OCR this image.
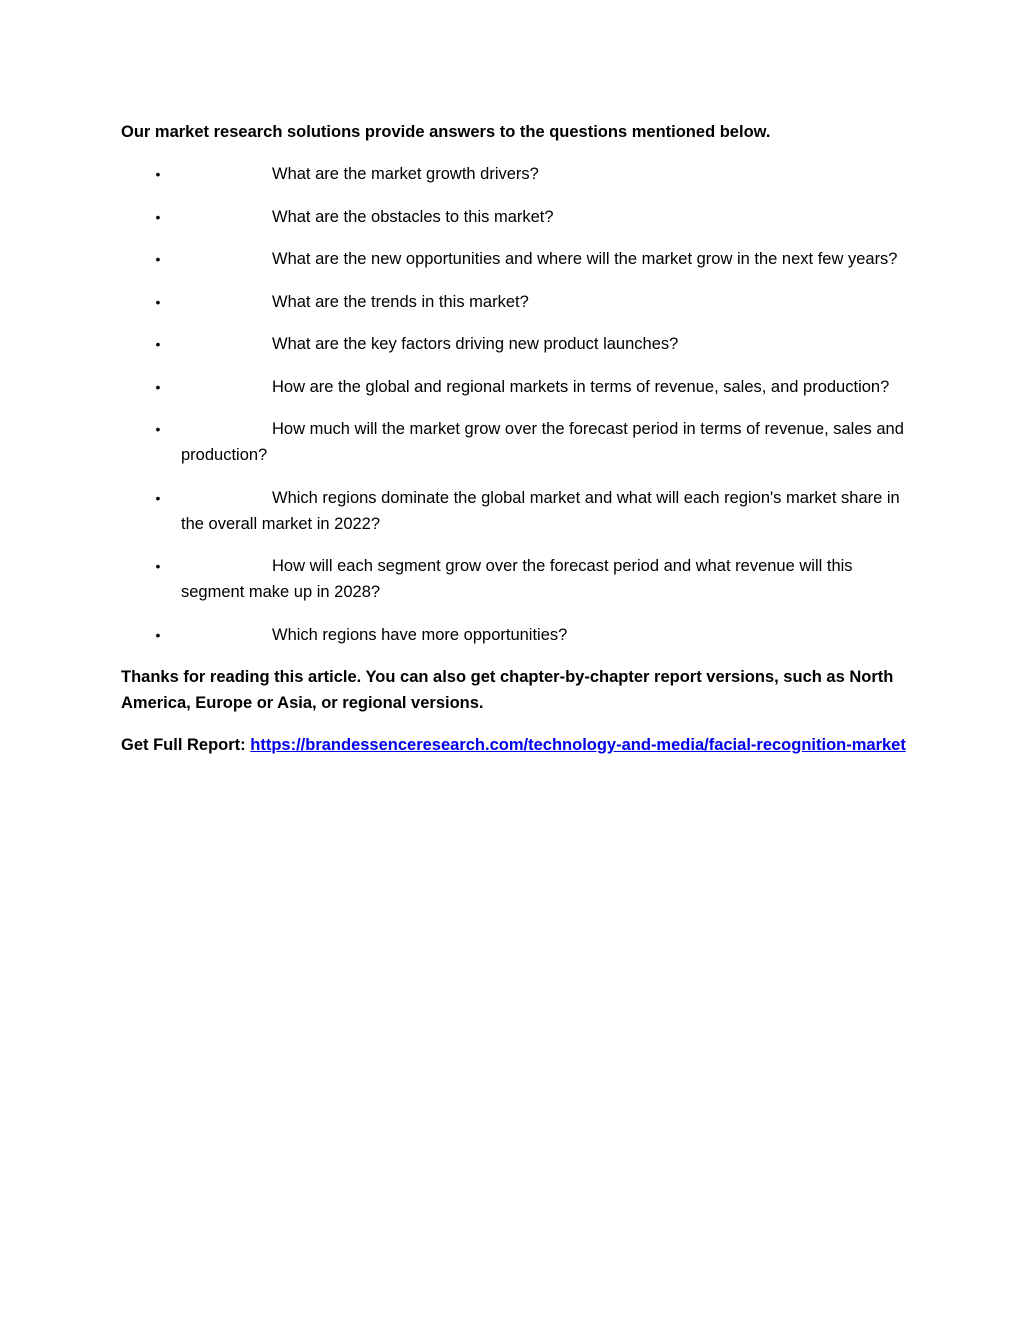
Our market research solutions provide answers to the questions mentioned below.

•	What are the market growth drivers?
•	What are the obstacles to this market?
•	What are the new opportunities and where will the market grow in the next few years?
•	What are the trends in this market?
•	What are the key factors driving new product launches?
•	How are the global and regional markets in terms of revenue, sales, and production?
•	How much will the market grow over the forecast period in terms of revenue, sales and production?
•	Which regions dominate the global market and what will each region's market share in the overall market in 2022?
•	How will each segment grow over the forecast period and what revenue will this segment make up in 2028?
•	Which regions have more opportunities?

Thanks for reading this article. You can also get chapter-by-chapter report versions, such as North America, Europe or Asia, or regional versions.

Get Full Report: https://brandessenceresearch.com/technology-and-media/facial-recognition-market
